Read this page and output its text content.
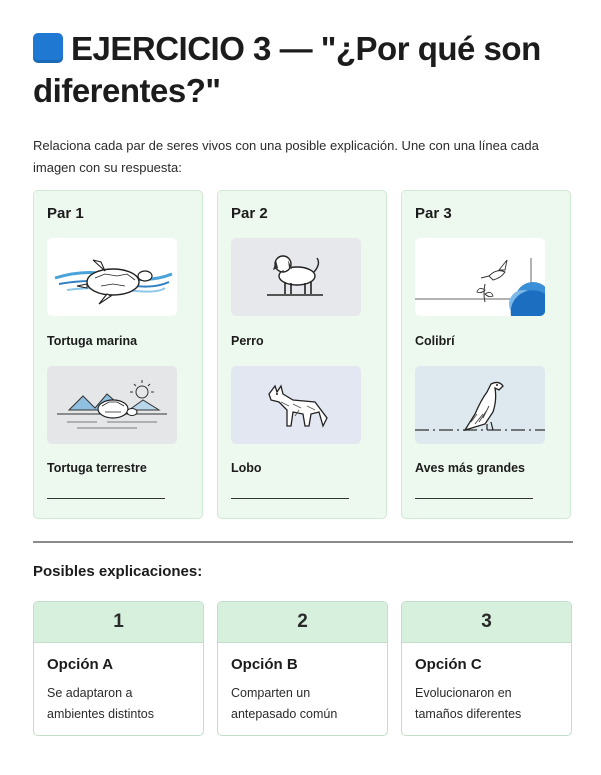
EJERCICIO 3 — "¿Por qué son diferentes?"

Relaciona cada par de seres vivos con una posible explicación. Une con una línea cada imagen con su respuesta:

Par 1
Tortuga marina
Tortuga terrestre
Par 2
Perro
Lobo
Par 3
Colibrí
Aves más grandes
Posibles explicaciones:
1
Opción A
Se adaptaron a ambientes distintos
2
Opción B
Comparten un antepasado común
3
Opción C
Evolucionaron en tamaños diferentes
